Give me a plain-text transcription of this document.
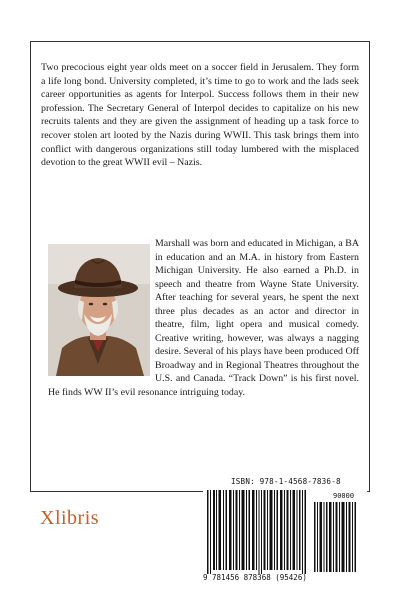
Two precocious eight year olds meet on a soccer field in Jerusalem. They form a life long bond. University completed, it’s time to go to work and the lads seek career opportunities as agents for Interpol. Success follows them in their new profession. The Secretary General of Interpol decides to capitalize on his new recruits talents and they are given the assignment of heading up a task force to recover stolen art looted by the Nazis during WWII. This task brings them into conflict with dangerous organizations still today lumbered with the misplaced devotion to the great WWII evil – Nazis.

Marshall was born and educated in Michigan, a BA in education and an M.A. in history from Eastern Michigan University. He also earned a Ph.D. in speech and theatre from Wayne State University. After teaching for several years, he spent the next three plus decades as an actor and director in theatre, film, light opera and musical comedy. Creative writing, however, was always a nagging desire. Several of his plays have been produced Off Broadway and in Regional Theatres throughout the U.S. and Canada. “Track Down” is his first novel. He finds WW II’s evil resonance intriguing today.

Xlibris
ISBN: 978-1-4568-7836-8
90000
9 781456 878368 (95426)
